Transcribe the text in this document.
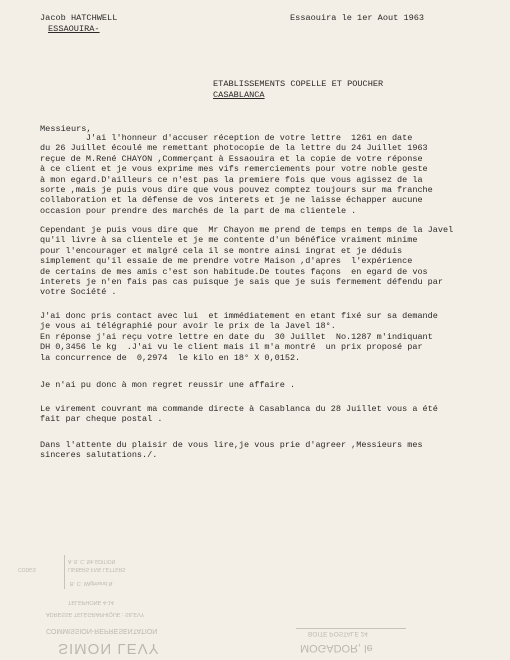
Jacob HATCHWELL
ESSAOUIRA-
Essaouira le 1er Aout 1963
ETABLISSEMENTS COPELLE ET POUCHER
CASABLANCA
Messieurs,
J'ai l'honneur d'accuser réception de votre lettre  1261 en date
du 26 Juillet écoulé me remettant photocopie de la lettre du 24 Juillet 1963
reçue de M.René CHAYON ,Commerçant à Essaouira et la copie de votre réponse
à ce client et je vous exprime mes vifs remerciements pour votre noble geste
à mon egard.D'ailleurs ce n'est pas la premiere fois que vous agissez de la
sorte ,mais je puis vous dire que vous pouvez comptez toujours sur ma franche
collaboration et la défense de vos interets et je ne laisse échapper aucune
occasion pour prendre des marchés de la part de ma clientele .
Cependant je puis vous dire que  Mr Chayon me prend de temps en temps de la Javel
qu'il livre à sa clientele et je me contente d'un bénéfice vraiment minime
pour l'encourager et malgré cela il se montre ainsi ingrat et je déduis
simplement qu'il essaie de me prendre votre Maison ,d'apres  l'expérience
de certains de mes amis c'est son habitude.De toutes façons  en egard de vos
interets je n'en fais pas cas puisque je sais que je suis fermement défendu par
votre Société .
J'ai donc pris contact avec lui  et immédiatement en etant fixé sur sa demande
je vous ai télégraphié pour avoir le prix de la Javel 18°.
En réponse j'ai reçu votre lettre en date du  30 Juillet  No.1287 m'indiquant
DH 0,3456 le kg  .J'ai vu le client mais il m'a montré  un prix proposé par
la concurrence de  0,2974  le kilo en 18° X 0,0152.
Je n'ai pu donc à mon regret reussir une affaire .
Le virement couvrant ma commande directe à Casablanca du 28 Juillet vous a été
fait par cheque postal .
Dans l'attente du plaisir de vous lire,je vous prie d'agreer ,Messieurs mes
sinceres salutations./.
CODES
A. B. C. 5th EDITION
LIEBERS FIVE LETTERS
B. C. Wightand N.
TELEPHONE 4-14
ADRESSE TELEGRAPHIQUE : SILEVY
COMMISSION-REPRESENTATION
SIMON LEVY
BOITE POSTALE 24
MOGADOR, le
